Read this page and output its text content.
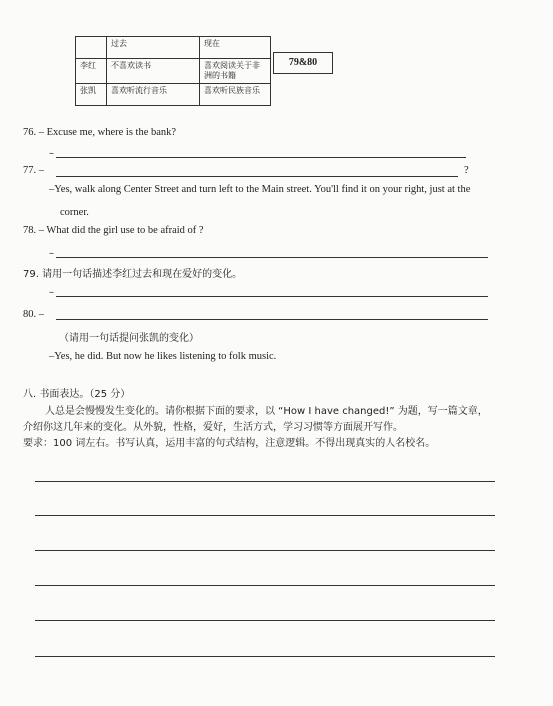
	过去	现在
李红	不喜欢读书	喜欢阅读关于非洲的书籍
张凯	喜欢听流行音乐	喜欢听民族音乐
79&80
76. – Excuse me, where is the bank?
–
77. –	?
–Yes, walk along Center Street and turn left to the Main street. You'll find it on your right, just at the
corner.
78. – What did the girl use to be afraid of ?
–
79. 请用一句话描述李红过去和现在爱好的变化。
–
80. –
（请用一句话提问张凯的变化）
–Yes, he did. But now he likes listening to folk music.
八. 书面表达。（25 分）
人总是会慢慢发生变化的。请你根据下面的要求，以 “How I have changed!” 为题，写一篇文章，
介绍你这几年来的变化。从外貌，性格，爱好，生活方式，学习习惯等方面展开写作。
要求：100 词左右。书写认真，运用丰富的句式结构，注意逻辑。不得出现真实的人名校名。
